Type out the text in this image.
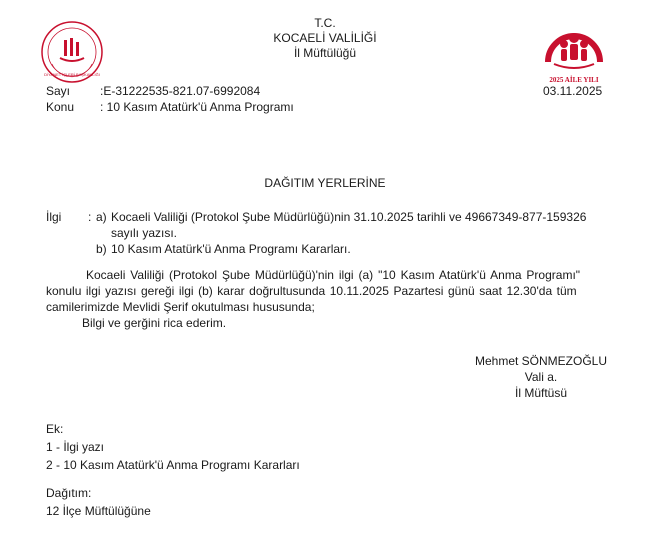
T.C.
KOCAELİ VALİLİĞİ
İl Müftülüğü
DİYANET İŞLERİ BAŞKANLIĞI
2025 AİLE YILI
Sayı :E-31222535-821.07-6992084	03.11.2025
Konu : 10 Kasım Atatürk'ü Anma Programı
DAĞITIM YERLERİNE
İlgi : a) Kocaeli Valiliği (Protokol Şube Müdürlüğü)nin 31.10.2025 tarihli ve 49667349-877-159326
sayılı yazısı.
b) 10 Kasım Atatürk'ü Anma Programı Kararları.
Kocaeli Valiliği (Protokol Şube Müdürlüğü)'nin ilgi (a) "10 Kasım Atatürk'ü Anma Programı"
konulu ilgi yazısı gereği ilgi (b) karar doğrultusunda 10.11.2025 Pazartesi günü saat 12.30'da tüm
camilerimizde Mevlidi Şerif okutulması hususunda;
Bilgi ve gerğini rica ederim.
Mehmet SÖNMEZOĞLU
Vali a.
İl Müftüsü
Ek:
1 - İlgi yazı
2 - 10 Kasım Atatürk'ü Anma Programı Kararları
Dağıtım:
12 İlçe Müftülüğüne
